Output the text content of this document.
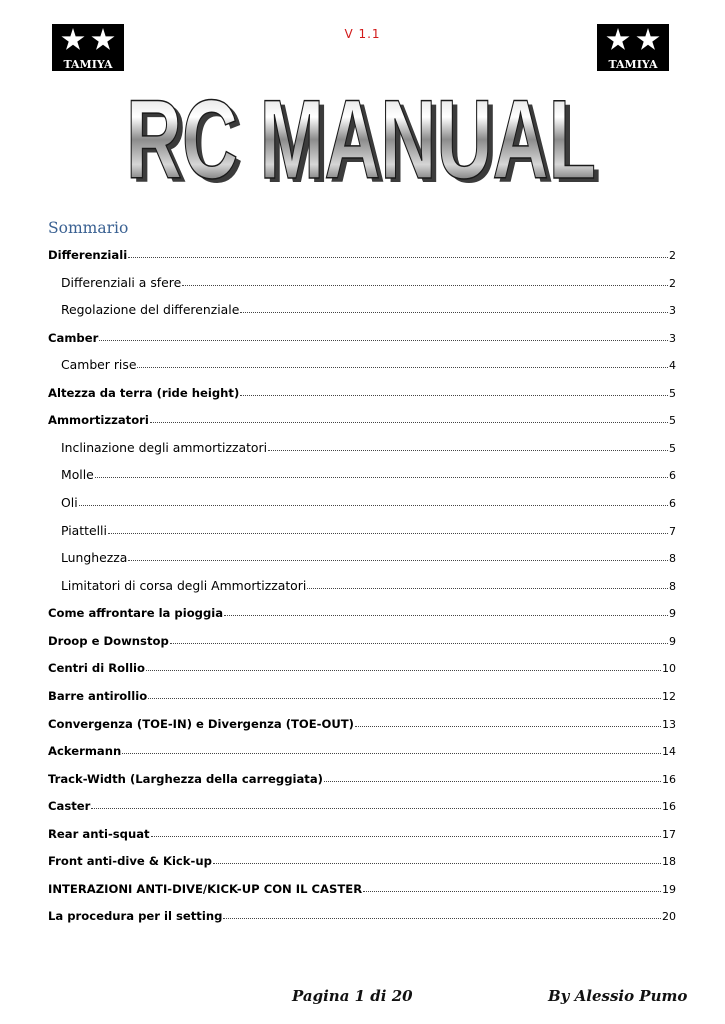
V 1.1
TAMIYA	TAMIYA
RC MANUAL
RC MANUAL
Sommario
Differenziali	2
Differenziali a sfere	2
Regolazione del differenziale	3
Camber	3
Camber rise	4
Altezza da terra (ride height)	5
Ammortizzatori	5
Inclinazione degli ammortizzatori	5
Molle	6
Oli	6
Piattelli	7
Lunghezza	8
Limitatori di corsa degli Ammortizzatori	8
Come affrontare la pioggia	9
Droop e Downstop	9
Centri di Rollio	10
Barre antirollio	12
Convergenza (TOE-IN) e Divergenza (TOE-OUT)	13
Ackermann	14
Track-Width (Larghezza della carreggiata)	16
Caster	16
Rear anti-squat	17
Front anti-dive & Kick-up	18
INTERAZIONI ANTI-DIVE/KICK-UP CON IL CASTER	19
La procedura per il setting	20
Pagina 1 di 20	By Alessio Pumo
